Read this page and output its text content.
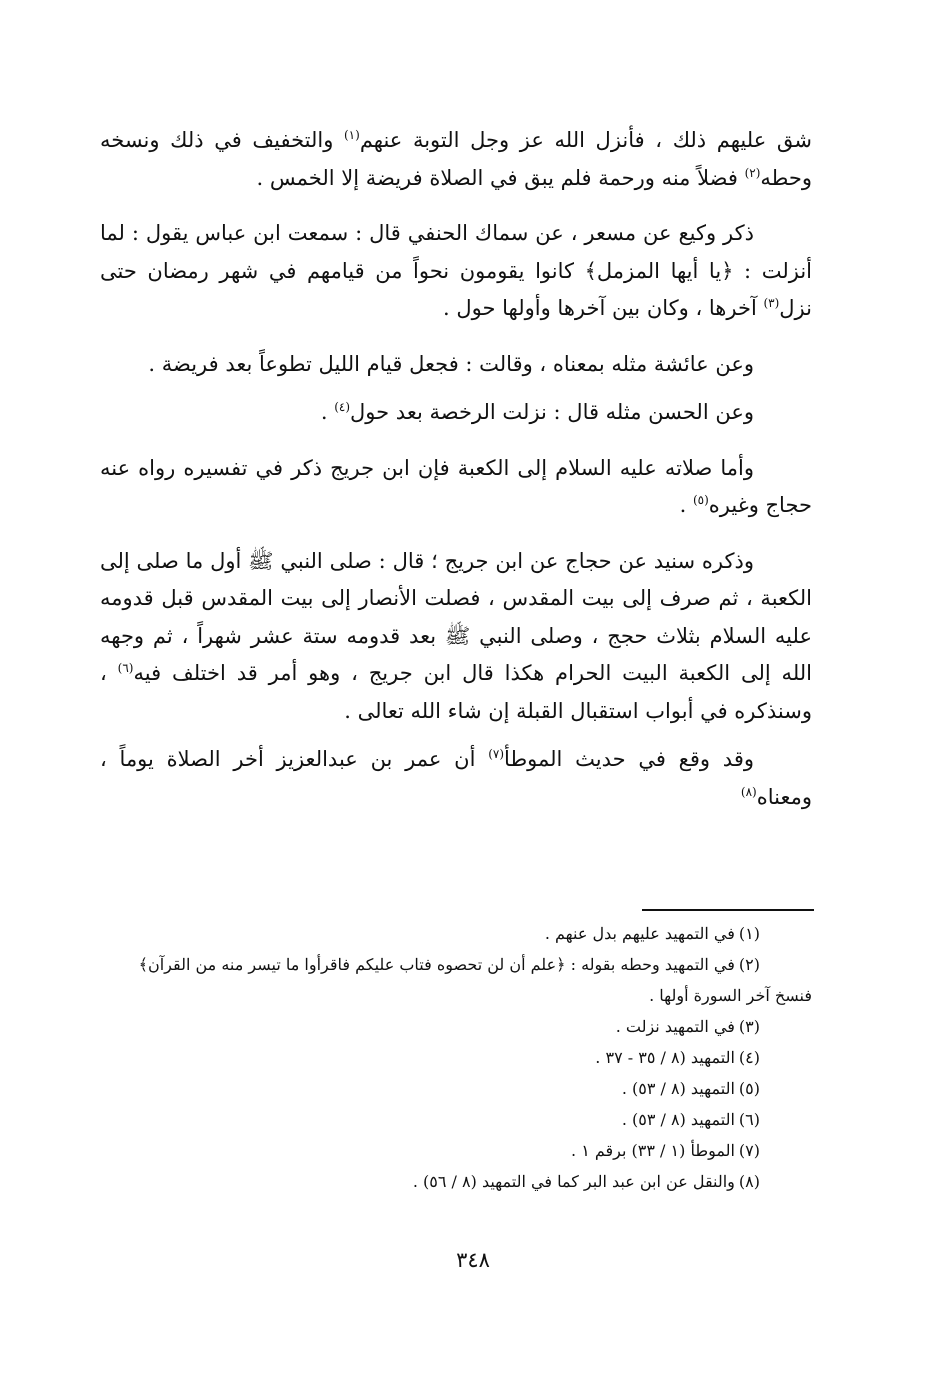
شق عليهم ذلك ، فأنزل الله عز وجل التوبة عنهم$^{(١)}$ والتخفيف في ذلك ونسخه وحطه$^{(٢)}$ فضلاً منه ورحمة فلم يبق في الصلاة فريضة إلا الخمس .

ذكر وكيع عن مسعر ، عن سماك الحنفي قال : سمعت ابن عباس يقول : لما أنزلت : ﴿يا أيها المزمل﴾ كانوا يقومون نحواً من قيامهم في شهر رمضان حتى نزل$^{(٣)}$ آخرها ، وكان بين آخرها وأولها حول .

وعن عائشة مثله بمعناه ، وقالت : فجعل قيام الليل تطوعاً بعد فريضة .

وعن الحسن مثله قال : نزلت الرخصة بعد حول$^{(٤)}$ .

وأما صلاته عليه السلام إلى الكعبة فإن ابن جريج ذكر في تفسيره رواه عنه حجاج وغيره$^{(٥)}$ .

وذكره سنيد عن حجاج عن ابن جريج ؛ قال : صلى النبي ﷺ أول ما صلى إلى الكعبة ، ثم صرف إلى بيت المقدس ، فصلت الأنصار إلى بيت المقدس قبل قدومه عليه السلام بثلاث حجج ، وصلى النبي ﷺ بعد قدومه ستة عشر شهراً ، ثم وجهه الله إلى الكعبة البيت الحرام هكذا قال ابن جريج ، وهو أمر قد اختلف فيه$^{(٦)}$ ، وسنذكره في أبواب استقبال القبلة إن شاء الله تعالى .

وقد وقع في حديث الموطأ$^{(٧)}$ أن عمر بن عبدالعزيز أخر الصلاة يوماً ، ومعناه$^{(٨)}$

(١)في التمهيد عليهم بدل عنهم .

(٢)في التمهيد وحطه بقوله : ﴿علم أن لن تحصوه فتاب عليكم فاقرأوا ما تيسر منه من القرآن﴾

فنسخ آخر السورة أولها .

(٣)في التمهيد نزلت .

(٤)التمهيد (٨ / ٣٥ - ٣٧ .

(٥)التمهيد (٨ / ٥٣) .

(٦)التمهيد (٨ / ٥٣) .

(٧)الموطأ (١ / ٣٣) برقم ١ .

(٨)والنقل عن ابن عبد البر كما في التمهيد (٨ / ٥٦) .

٣٤٨
